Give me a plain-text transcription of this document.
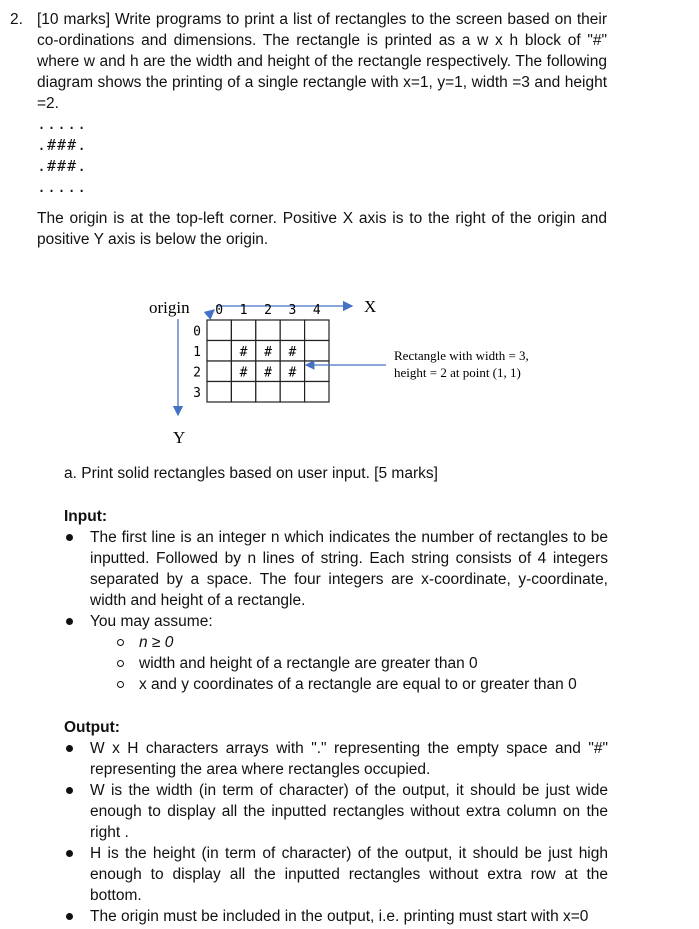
2. [10 marks] Write programs to print a list of rectangles to the screen based on their co-ordinations and dimensions. The rectangle is printed as a w x h block of "#" where w and h are the width and height of the rectangle respectively. The following diagram shows the printing of a single rectangle with x=1, y=1, width =3 and height =2.
.....
.###.
.###.
.....
The origin is at the top-left corner. Positive X axis is to the right of the origin and positive Y axis is below the origin.
origin	X
Y
# # #
# # #
0 1 2 3 4
0
1
2
3
Rectangle with width = 3,
height = 2 at point (1, 1)
a. Print solid rectangles based on user input. [5 marks]
Input:
The first line is an integer n which indicates the number of rectangles to be inputted. Followed by n lines of string. Each string consists of 4 integers separated by a space. The four integers are x-coordinate, y-coordinate, width and height of a rectangle.
You may assume:
n ≥ 0
width and height of a rectangle are greater than 0
x and y coordinates of a rectangle are equal to or greater than 0
Output:
W x H characters arrays with "." representing the empty space and "#" representing the area where rectangles occupied.
W is the width (in term of character) of the output, it should be just wide enough to display all the inputted rectangles without extra column on the right .
H is the height (in term of character) of the output, it should be just high enough to display all the inputted rectangles without extra row at the bottom.
The origin must be included in the output, i.e. printing must start with x=0
